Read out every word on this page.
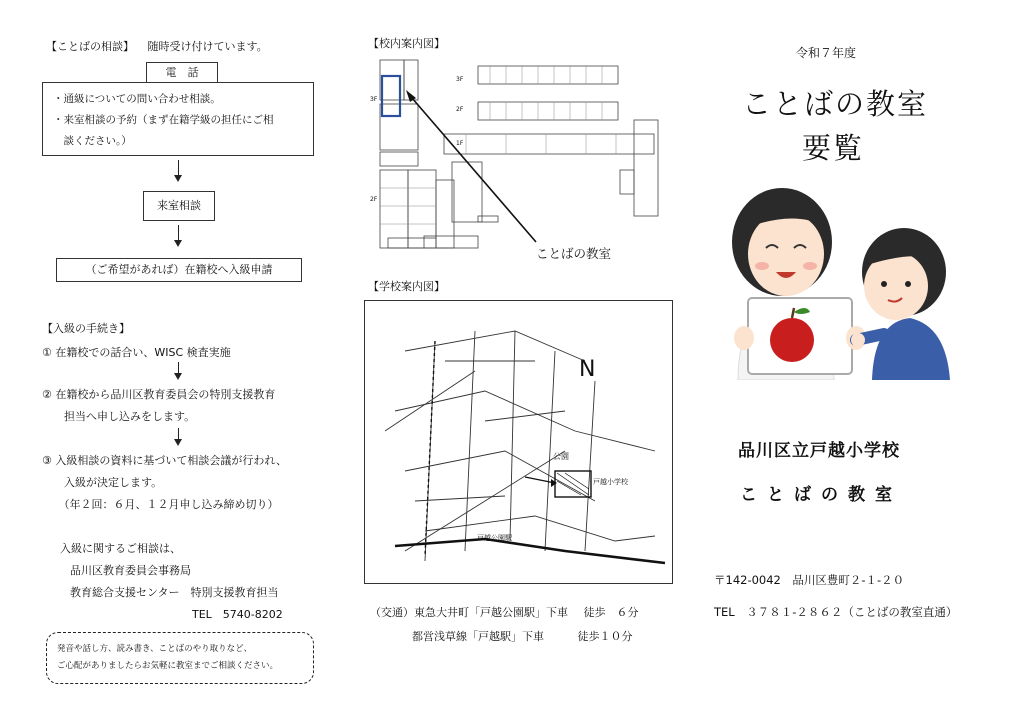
【ことばの相談】 随時受け付けています。
電　話
・通級についての問い合わせ相談。
・来室相談の予約（まず在籍学級の担任にご相
　談ください。）
来室相談
（ご希望があれば）在籍校へ入級申請
【入級の手続き】
① 在籍校での話合い、WISC 検査実施
② 在籍校から品川区教育委員会の特別支援教育
　　担当へ申し込みをします。
③ 入級相談の資料に基づいて相談会議が行われ、
　　入級が決定します。
　　（年２回：６月、１２月申し込み締め切り）
入級に関するご相談は、
品川区教育委員会事務局
教育総合支援センター　特別支援教育担当
TEL　5740-8202
発音や話し方、読み書き、ことばのやり取りなど、
ご心配がありましたらお気軽に教室までご相談ください。
【校内案内図】
3F
3F
2F
1F
2F
ことばの教室
【学校案内図】
N
公園
戸越小学校
戸越公園駅
（交通）東急大井町「戸越公園駅」下車 徒歩　６分
都営浅草線「戸越駅」下車	徒歩１０分
令和７年度
ことばの教室
要覧
品川区立戸越小学校
ことばの教室
〒142-0042　品川区豊町２-１-２０
TEL　３７８１-２８６２（ことばの教室直通）
